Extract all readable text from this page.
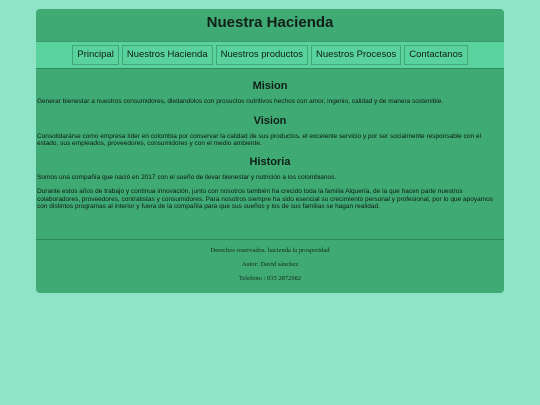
Nuestra Hacienda
Principal	Nuestros Hacienda	Nuestros productos	Nuestros Procesos	Contactanos
Mision

Generar bienestar a nuestros consumidores, dleitandolos con prosuctos nutritivos hechos con amor, ingenio, calidad y de manera sostenible.

Vision

Consolidarárse como empresa líder en colombia por conservar la calidad de sus productos, el excelente servicio y por ser socialmente responsable con el estado, sus empleados, proveedores, consumidores y con el medio ambiente.

Historia

Somos una compañía que nació en 2017 con el sueño de llevar bienestar y nutrición a los colombianos.

Durante estos años de trabajo y continua innovación, junto con nosotros también ha crecido toda la familia Alquería, de la que hacen parte nuestros colaboradores, proveedores, contratistas y consumidores. Para nosotros siempre ha sido esencial su crecimiento personal y profesional, por lo que apoyamos con distintos programas al interior y fuera de la compañía para que sus sueños y los de sus familias se hagan realidad.

Derechos reservados. hacienda la prosperidad

Autor: David sánchez

Telefono : 035 2872982
